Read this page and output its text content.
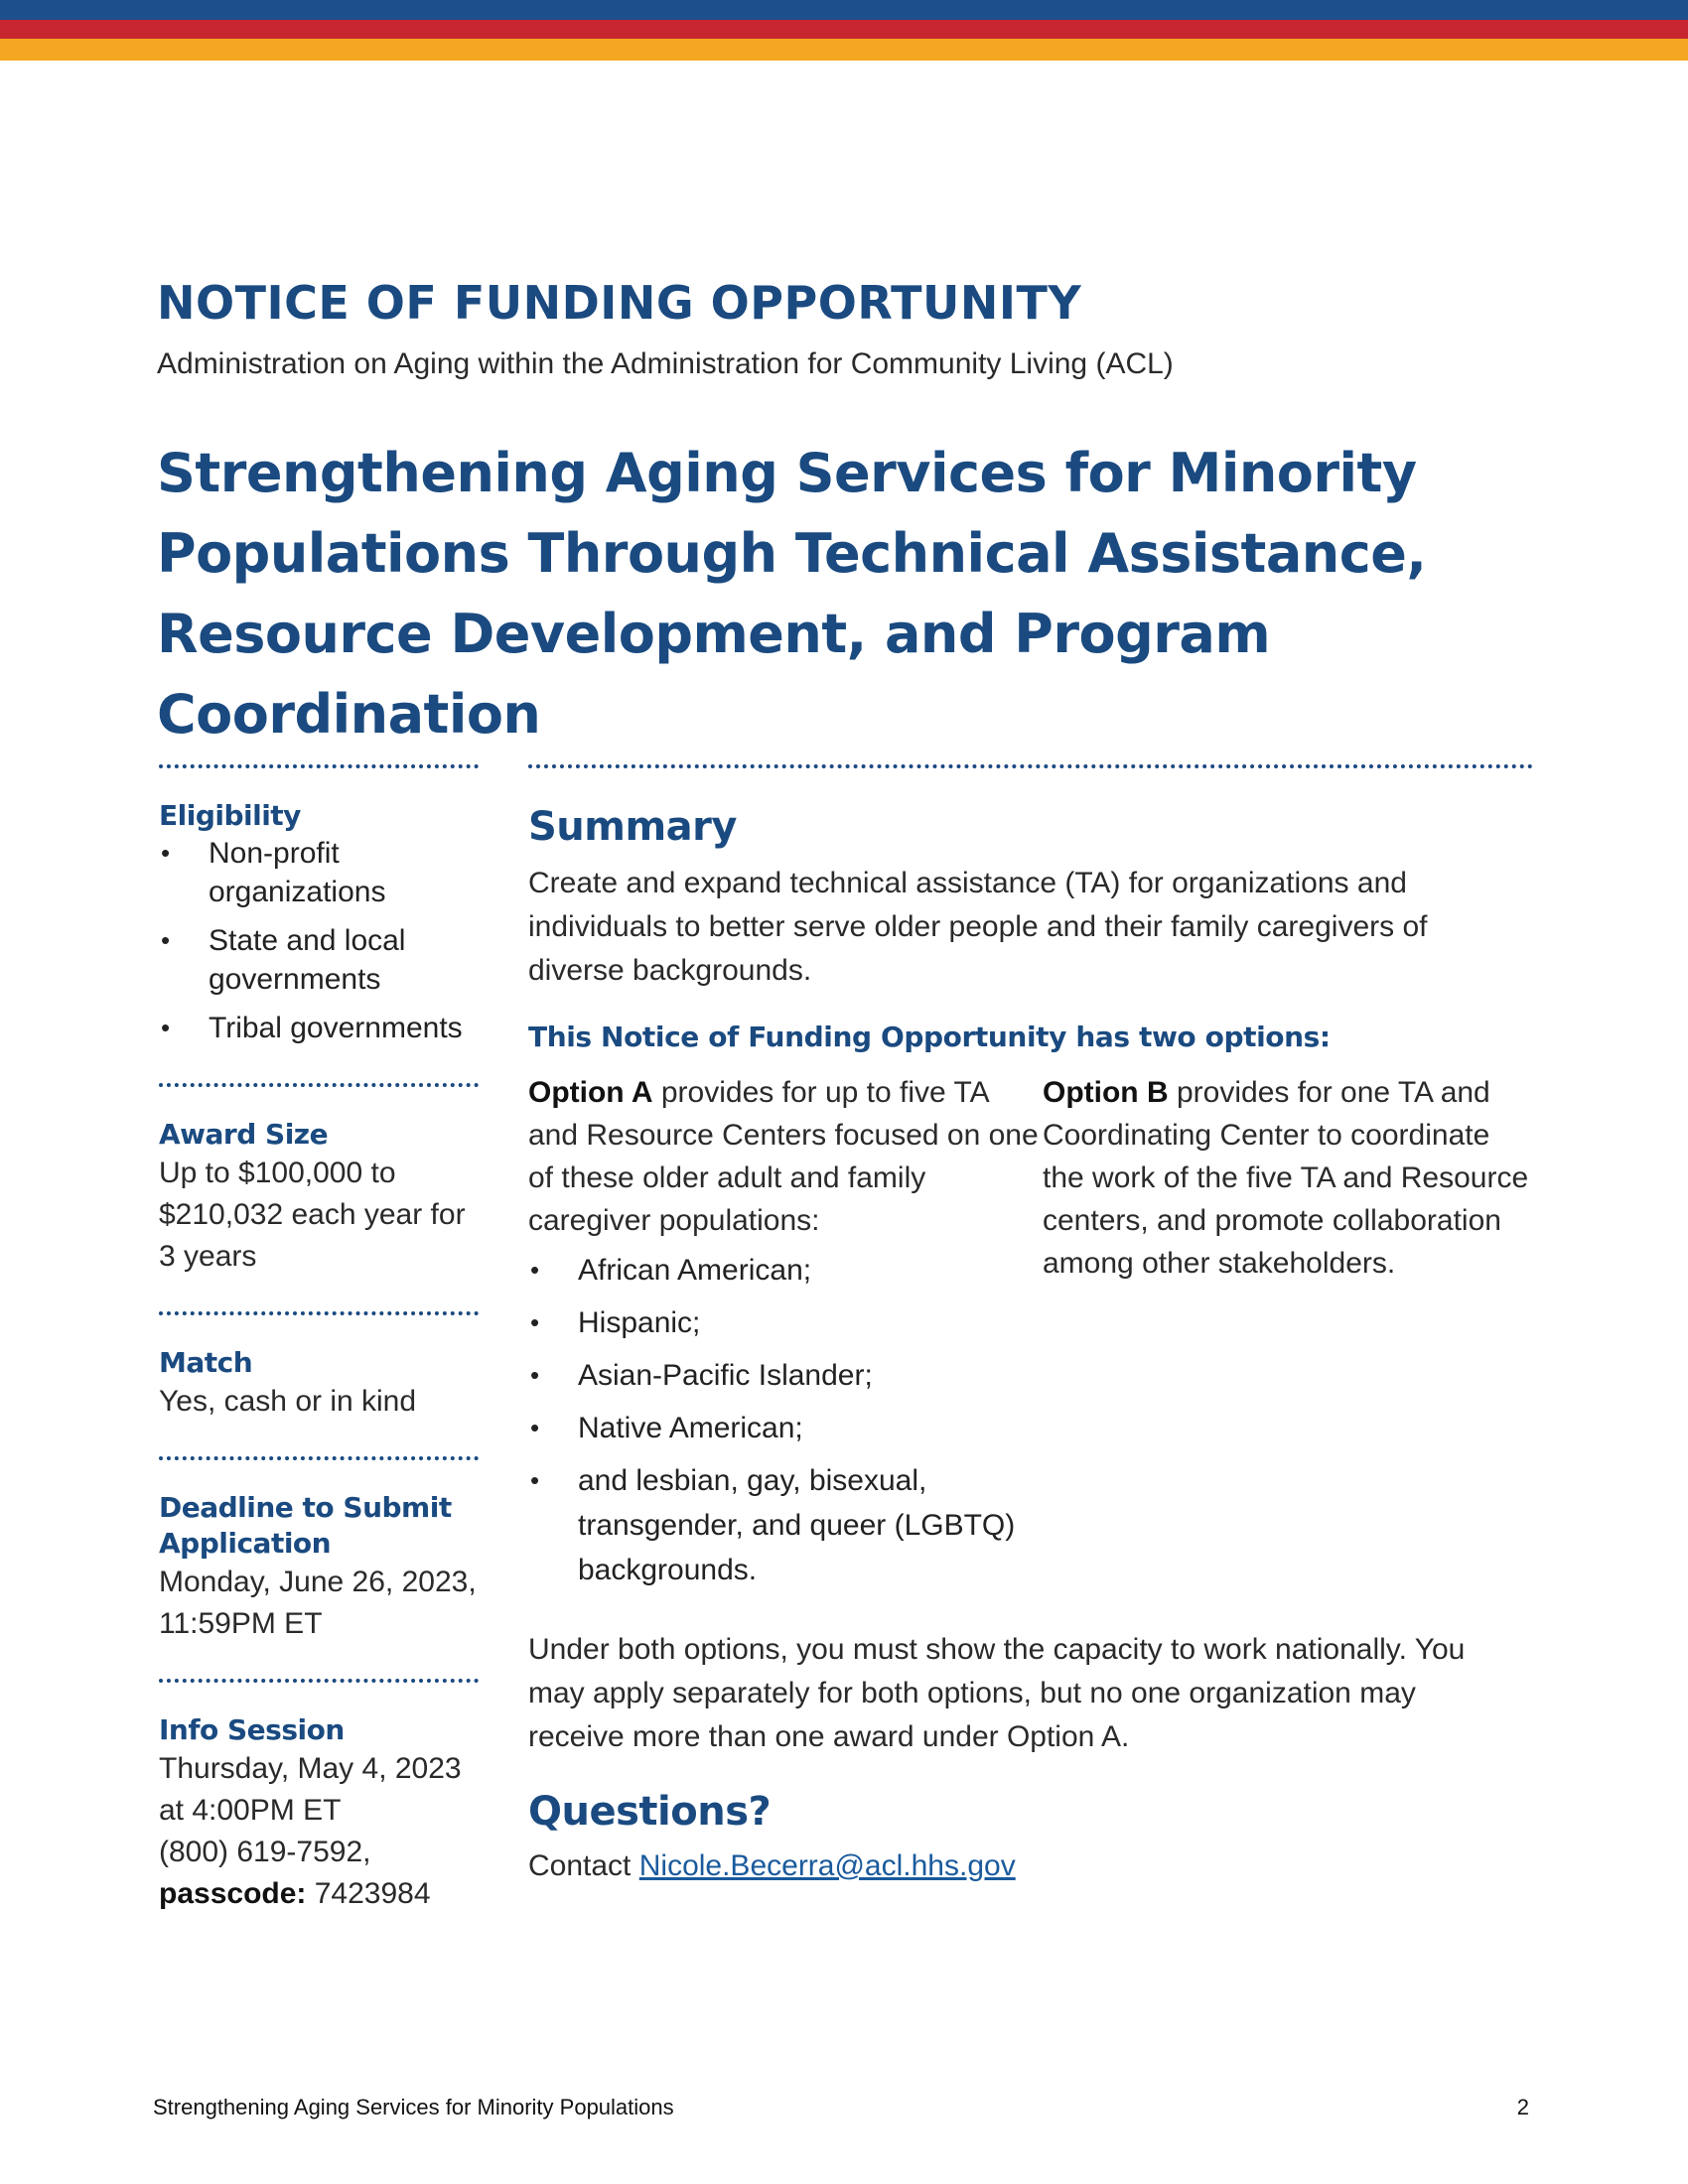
NOTICE OF FUNDING OPPORTUNITY
Administration on Aging within the Administration for Community Living (ACL)
Strengthening Aging Services for Minority Populations Through Technical Assistance, Resource Development, and Program Coordination
Eligibility
• Non-profit organizations
• State and local governments
• Tribal governments
Award Size
Up to $100,000 to $210,032 each year for 3 years
Match
Yes, cash or in kind
Deadline to Submit Application
Monday, June 26, 2023, 11:59PM ET
Info Session
Thursday, May 4, 2023
at 4:00PM ET
(800) 619-7592,
passcode: 7423984
Summary

Create and expand technical assistance (TA) for organizations and individuals to better serve older people and their family caregivers of diverse backgrounds.

This Notice of Funding Opportunity has two options:

Option A provides for up to five TA and Resource Centers focused on one of these older adult and family caregiver populations:

• African American;
• Hispanic;
• Asian-Pacific Islander;
• Native American;
• and lesbian, gay, bisexual, transgender, and queer (LGBTQ) backgrounds.

Option B provides for one TA and Coordinating Center to coordinate the work of the five TA and Resource centers, and promote collaboration among other stakeholders.

Under both options, you must show the capacity to work nationally. You may apply separately for both options, but no one organization may receive more than one award under Option A.

Questions?

Contact Nicole.Becerra@acl.hhs.gov

Strengthening Aging Services for Minority Populations	2
